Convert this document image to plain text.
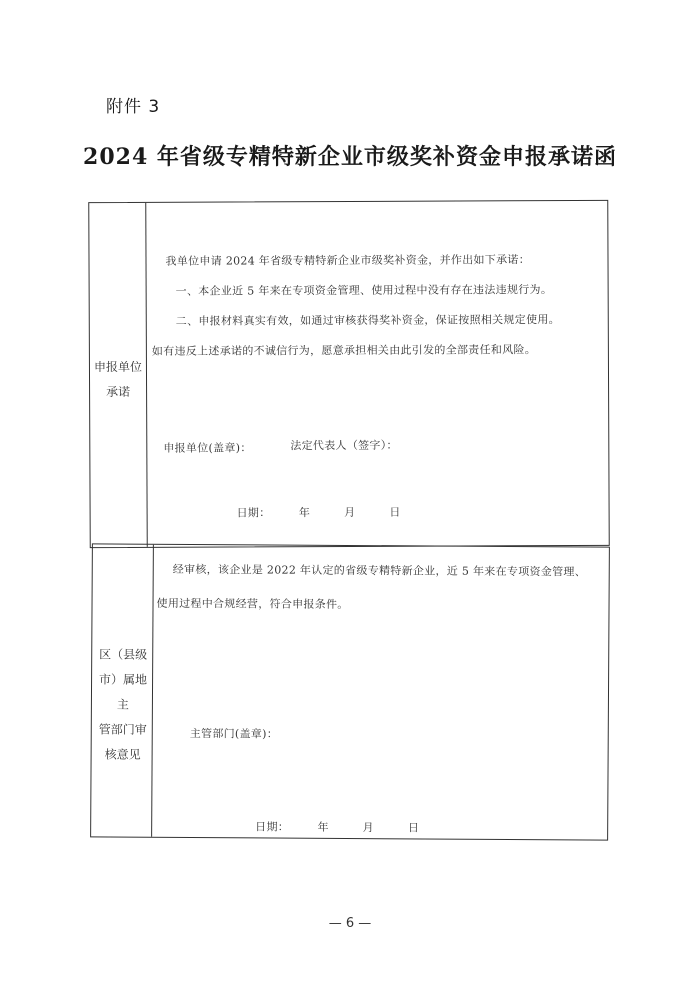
附件 3
2024 年省级专精特新企业市级奖补资金申报承诺函
申报单位
承诺
我单位申请 2024 年省级专精特新企业市级奖补资金，并作出如下承诺：
一、本企业近 5 年来在专项资金管理、使用过程中没有存在违法违规行为。
二、申报材料真实有效，如通过审核获得奖补资金，保证按照相关规定使用。
如有违反上述承诺的不诚信行为，愿意承担相关由此引发的全部责任和风险。
申报单位(盖章)：	法定代表人（签字）：
日期：　　　年　　　月　　　日
区（县级
市）属地主
管部门审
核意见
经审核，该企业是 2022 年认定的省级专精特新企业，近 5 年来在专项资金管理、
使用过程中合规经营，符合申报条件。
主管部门(盖章)：
日期：　　　年　　　月　　　日
— 6 —
